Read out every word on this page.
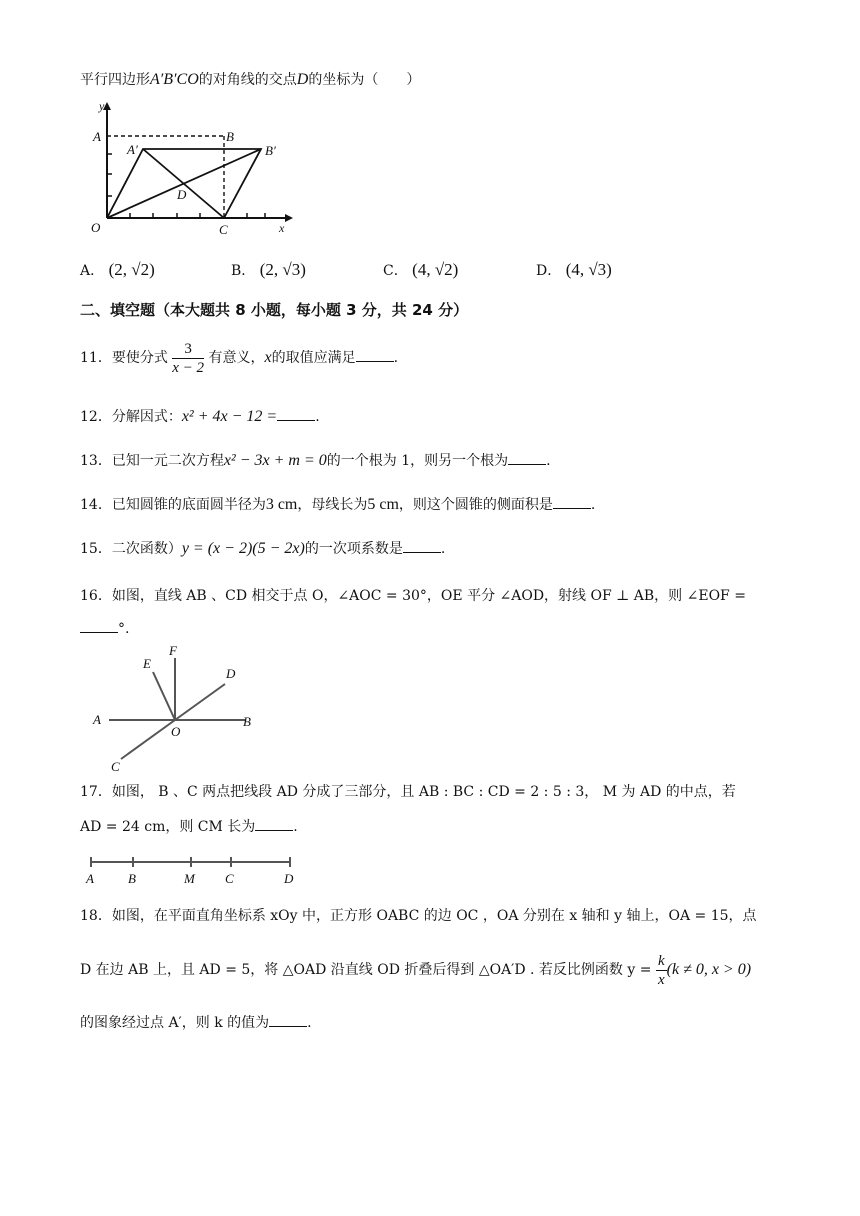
平行四边形A′B′CO的对角线的交点D的坐标为（　　）
y
A	B
A′	B′
D
O	C	x
A． (2, √2)	B． (2, √3)	C． (4, √2)	D． (4, √3)
二、填空题（本大题共 8 小题，每小题 3 分，共 24 分）
11．要使分式 $\frac{3}{x - 2}$ 有意义，x的取值应满足	.
12．分解因式：x² + 4x − 12 =	.
13．已知一元二次方程x² − 3x + m = 0的一个根为 1，则另一个根为	.
14．已知圆锥的底面圆半径为3 cm，母线长为5 cm，则这个圆锥的侧面积是	.
15．二次函数）y = (x − 2)(5 − 2x)的一次项系数是	.
16．如图，直线 AB 、CD 相交于点 O，∠AOC = 30°，OE 平分 ∠AOD，射线 OF ⊥ AB，则 ∠EOF =
°.
E
F
D
A	B
O
C
17．如图， B 、C 两点把线段 AD 分成了三部分，且 AB : BC : CD = 2 : 5 : 3， M 为 AD 的中点，若
AD = 24 cm，则 CM 长为	.
A	B	M C	D
18．如图，在平面直角坐标系 xOy 中，正方形 OABC 的边 OC ，OA 分别在 x 轴和 y 轴上，OA = 15，点
D 在边 AB 上，且 AD = 5，将 △OAD 沿直线 OD 折叠后得到 △OA′D . 若反比例函数 $y = \frac{k}{x} (k \ne 0$, x > 0)
的图象经过点 A′，则 k 的值为	.
